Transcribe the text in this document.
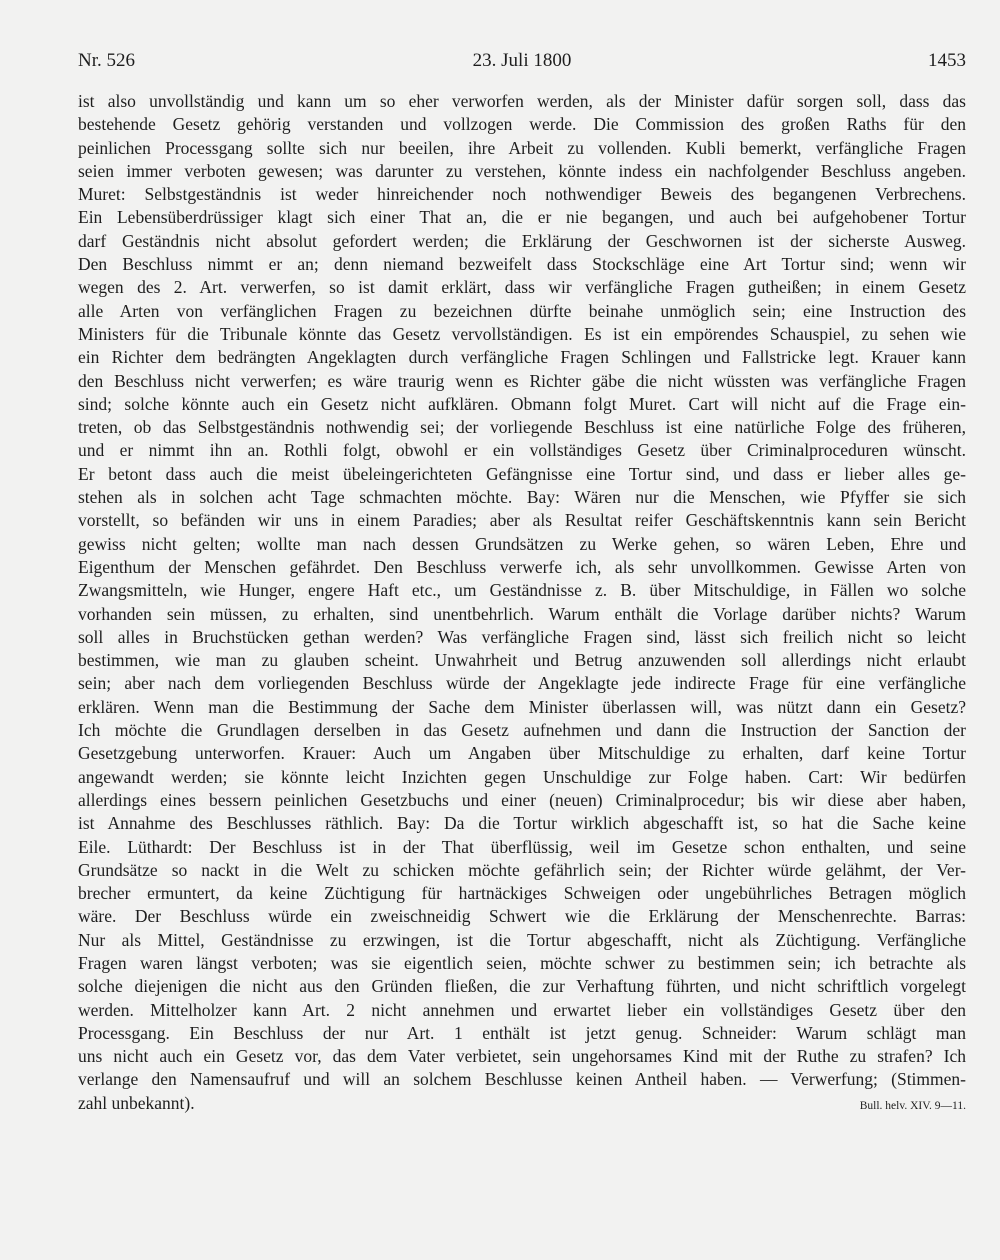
Nr. 526	23. Juli 1800	1453
ist also unvollständig und kann um so eher verworfen werden, als der Minister dafür sorgen soll, dass das
bestehende Gesetz gehörig verstanden und vollzogen werde. Die Commission des großen Raths für den
peinlichen Processgang sollte sich nur beeilen, ihre Arbeit zu vollenden. Kubli bemerkt, verfängliche Fragen
seien immer verboten gewesen; was darunter zu verstehen, könnte indess ein nachfolgender Beschluss angeben.
Muret: Selbstgeständnis ist weder hinreichender noch nothwendiger Beweis des begangenen Verbrechens.
Ein Lebensüberdrüssiger klagt sich einer That an, die er nie begangen, und auch bei aufgehobener Tortur
darf Geständnis nicht absolut gefordert werden; die Erklärung der Geschwornen ist der sicherste Ausweg.
Den Beschluss nimmt er an; denn niemand bezweifelt dass Stockschläge eine Art Tortur sind; wenn wir
wegen des 2. Art. verwerfen, so ist damit erklärt, dass wir verfängliche Fragen gutheißen; in einem Gesetz
alle Arten von verfänglichen Fragen zu bezeichnen dürfte beinahe unmöglich sein; eine Instruction des
Ministers für die Tribunale könnte das Gesetz vervollständigen. Es ist ein empörendes Schauspiel, zu sehen wie
ein Richter dem bedrängten Angeklagten durch verfängliche Fragen Schlingen und Fallstricke legt. Krauer kann
den Beschluss nicht verwerfen; es wäre traurig wenn es Richter gäbe die nicht wüssten was verfängliche Fragen
sind; solche könnte auch ein Gesetz nicht aufklären. Obmann folgt Muret. Cart will nicht auf die Frage ein-
treten, ob das Selbstgeständnis nothwendig sei; der vorliegende Beschluss ist eine natürliche Folge des früheren,
und er nimmt ihn an. Rothli folgt, obwohl er ein vollständiges Gesetz über Criminalproceduren wünscht.
Er betont dass auch die meist übeleingerichteten Gefängnisse eine Tortur sind, und dass er lieber alles ge-
stehen als in solchen acht Tage schmachten möchte. Bay: Wären nur die Menschen, wie Pfyffer sie sich
vorstellt, so befänden wir uns in einem Paradies; aber als Resultat reifer Geschäftskenntnis kann sein Bericht
gewiss nicht gelten; wollte man nach dessen Grundsätzen zu Werke gehen, so wären Leben, Ehre und
Eigenthum der Menschen gefährdet. Den Beschluss verwerfe ich, als sehr unvollkommen. Gewisse Arten von
Zwangsmitteln, wie Hunger, engere Haft etc., um Geständnisse z. B. über Mitschuldige, in Fällen wo solche
vorhanden sein müssen, zu erhalten, sind unentbehrlich. Warum enthält die Vorlage darüber nichts? Warum
soll alles in Bruchstücken gethan werden? Was verfängliche Fragen sind, lässt sich freilich nicht so leicht
bestimmen, wie man zu glauben scheint. Unwahrheit und Betrug anzuwenden soll allerdings nicht erlaubt
sein; aber nach dem vorliegenden Beschluss würde der Angeklagte jede indirecte Frage für eine verfängliche
erklären. Wenn man die Bestimmung der Sache dem Minister überlassen will, was nützt dann ein Gesetz?
Ich möchte die Grundlagen derselben in das Gesetz aufnehmen und dann die Instruction der Sanction der
Gesetzgebung unterworfen. Krauer: Auch um Angaben über Mitschuldige zu erhalten, darf keine Tortur
angewandt werden; sie könnte leicht Inzichten gegen Unschuldige zur Folge haben. Cart: Wir bedürfen
allerdings eines bessern peinlichen Gesetzbuchs und einer (neuen) Criminalprocedur; bis wir diese aber haben,
ist Annahme des Beschlusses räthlich. Bay: Da die Tortur wirklich abgeschafft ist, so hat die Sache keine
Eile. Lüthardt: Der Beschluss ist in der That überflüssig, weil im Gesetze schon enthalten, und seine
Grundsätze so nackt in die Welt zu schicken möchte gefährlich sein; der Richter würde gelähmt, der Ver-
brecher ermuntert, da keine Züchtigung für hartnäckiges Schweigen oder ungebührliches Betragen möglich
wäre. Der Beschluss würde ein zweischneidig Schwert wie die Erklärung der Menschenrechte. Barras:
Nur als Mittel, Geständnisse zu erzwingen, ist die Tortur abgeschafft, nicht als Züchtigung. Verfängliche
Fragen waren längst verboten; was sie eigentlich seien, möchte schwer zu bestimmen sein; ich betrachte als
solche diejenigen die nicht aus den Gründen fließen, die zur Verhaftung führten, und nicht schriftlich vorgelegt
werden. Mittelholzer kann Art. 2 nicht annehmen und erwartet lieber ein vollständiges Gesetz über den
Processgang. Ein Beschluss der nur Art. 1 enthält ist jetzt genug. Schneider: Warum schlägt man
uns nicht auch ein Gesetz vor, das dem Vater verbietet, sein ungehorsames Kind mit der Ruthe zu strafen? Ich
verlange den Namensaufruf und will an solchem Beschlusse keinen Antheil haben. — Verwerfung; (Stimmen-
zahl unbekannt).	Bull. helv. XIV. 9—11.
